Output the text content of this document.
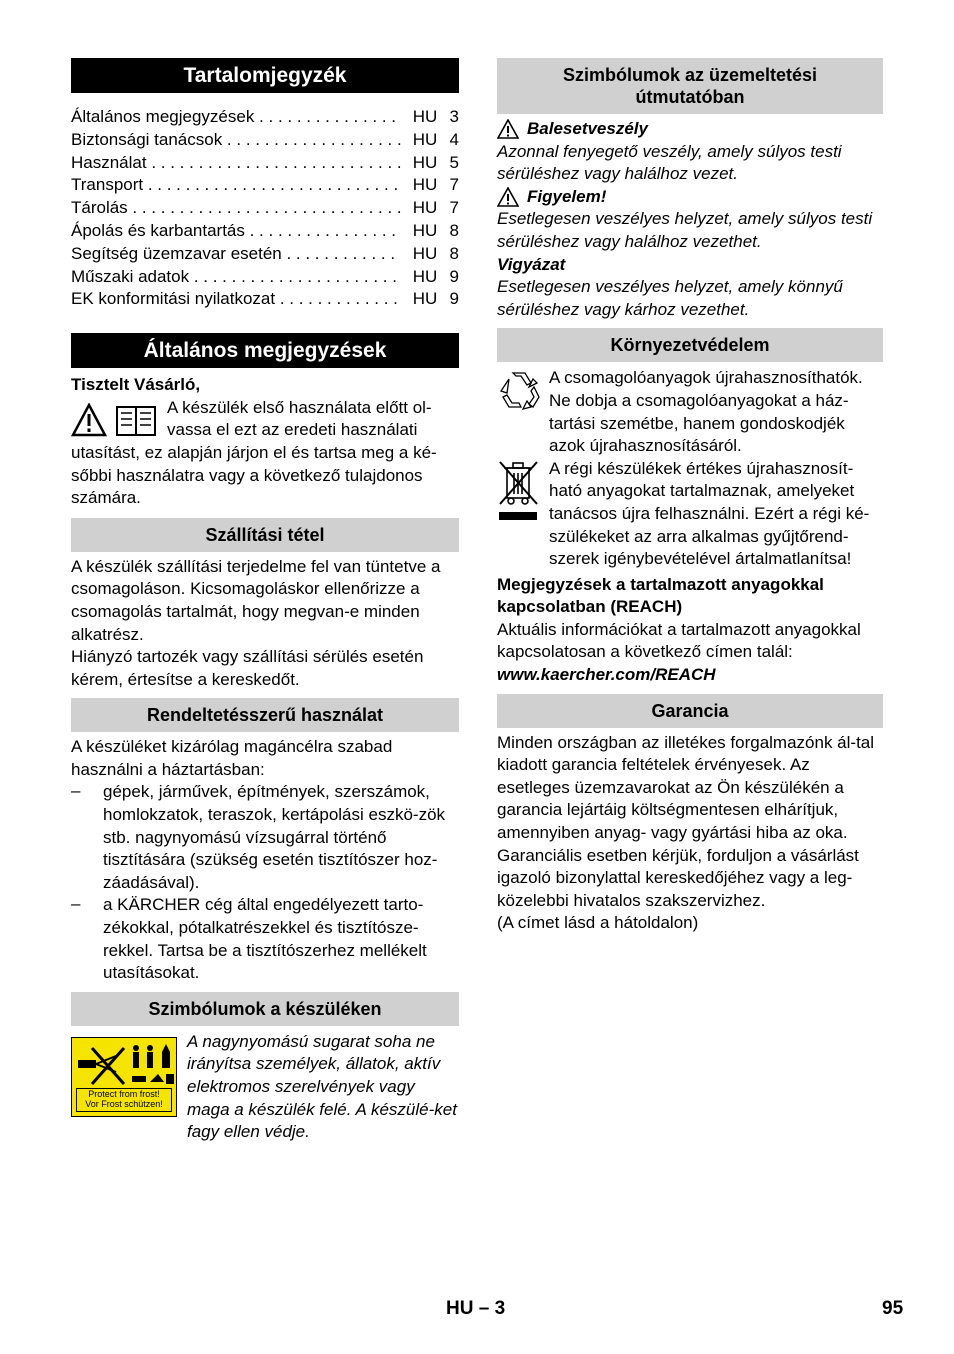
Tartalomjegyzék
Általános megjegyzések . . .	HU 3
Biztonsági tanácsok . . .	HU 4
Használat . . .	HU 5
Transport . . .	HU 7
Tárolás . . .	HU 7
Ápolás és karbantartás . . .	HU 8
Segítség üzemzavar esetén . . .	HU 8
Műszaki adatok . . .	HU 9
EK konformitási nyilatkozat . . .	HU 9
Általános megjegyzések

Tisztelt Vásárló,

A készülék első használata előtt ol-vassa el ezt az eredeti használati

utasítást, ez alapján járjon el és tartsa meg a ké-sőbbi használatra vagy a következő tulajdonos számára.

Szállítási tétel

A készülék szállítási terjedelme fel van tüntetve a csomagoláson. Kicsomagoláskor ellenőrizze a csomagolás tartalmát, hogy megvan-e minden alkatrész.

Hiányzó tartozék vagy szállítási sérülés esetén kérem, értesítse a kereskedőt.

Rendeltetésszerű használat

A készüléket kizárólag magáncélra szabad használni a háztartásban:

–	gépek, járművek, építmények, szerszámok, homlokzatok, teraszok, kertápolási eszkö-zök stb. nagynyomású vízsugárral történő tisztítására (szükség esetén tisztítószer hoz-záadásával).

–	a KÄRCHER cég által engedélyezett tarto-zékokkal, pótalkatrészekkel és tisztítósze-rekkel. Tartsa be a tisztítószerhez mellékelt utasításokat.

Szimbólumok a készüléken
Protect from frost!
Vor Frost schützen!

A nagynyomású sugarat soha ne irányítsa személyek, állatok, aktív elektromos szerelvények vagy maga a készülék felé. A készülé-ket fagy ellen védje.

Szimbólumok az üzemeltetési útmutatóban
Balesetveszély

Azonnal fenyegető veszély, amely súlyos testi sérüléshez vagy halálhoz vezet.

Figyelem!

Esetlegesen veszélyes helyzet, amely súlyos testi sérüléshez vagy halálhoz vezethet.

Vigyázat

Esetlegesen veszélyes helyzet, amely könnyű sérüléshez vagy kárhoz vezethet.

Környezetvédelem

A csomagolóanyagok újrahasznosíthatók. Ne dobja a csomagolóanyagokat a ház-tartási szemétbe, hanem gondoskodjék azok újrahasznosításáról.

A régi készülékek értékes újrahasznosít-ható anyagokat tartalmaznak, amelyeket tanácsos újra felhasználni. Ezért a régi ké-szülékeket az arra alkalmas gyűjtőrend-szerek igénybevételével ártalmatlanítsa!

Megjegyzések a tartalmazott anyagokkal kapcsolatban (REACH)

Aktuális információkat a tartalmazott anyagokkal kapcsolatosan a következő címen talál:

www.kaercher.com/REACH

Garancia

Minden országban az illetékes forgalmazónk ál-tal kiadott garancia feltételek érvényesek. Az esetleges üzemzavarokat az Ön készülékén a garancia lejártáig költségmentesen elhárítjuk, amennyiben anyag- vagy gyártási hiba az oka. Garanciális esetben kérjük, forduljon a vásárlást igazoló bizonylattal kereskedőjéhez vagy a leg-közelebbi hivatalos szakszervizhez.

(A címet lásd a hátoldalon)

HU – 3	95
